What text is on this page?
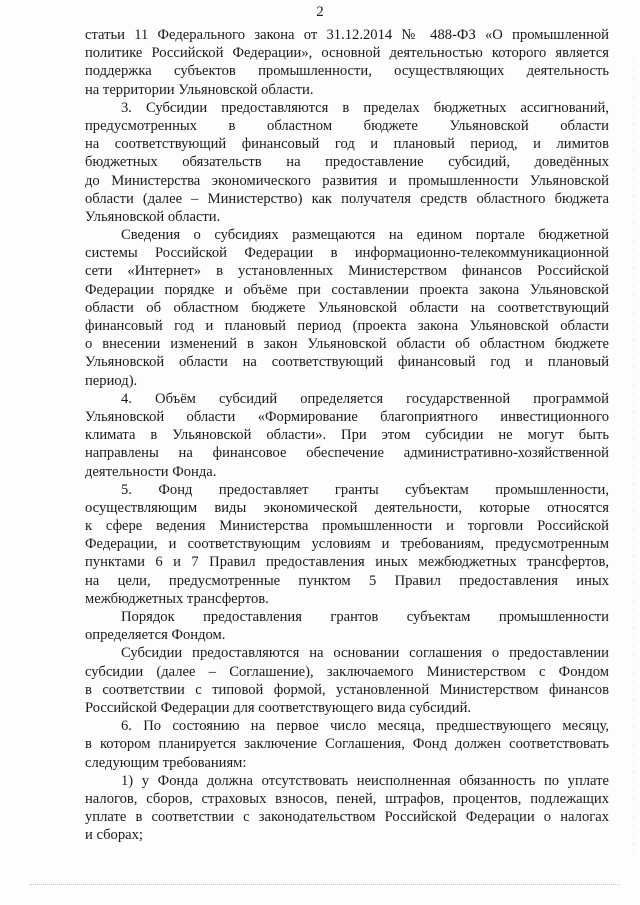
2
статьи 11 Федерального закона от 31.12.2014 № 488-ФЗ «О промышленной
политике Российской Федерации», основной деятельностью которого является
поддержка субъектов промышленности, осуществляющих деятельность
на территории Ульяновской области.
3. Субсидии предоставляются в пределах бюджетных ассигнований,
предусмотренных в областном бюджете Ульяновской области
на соответствующий финансовый год и плановый период, и лимитов
бюджетных обязательств на предоставление субсидий, доведённых
до Министерства экономического развития и промышленности Ульяновской
области (далее – Министерство) как получателя средств областного бюджета
Ульяновской области.
Сведения о субсидиях размещаются на едином портале бюджетной
системы Российской Федерации в информационно-телекоммуникационной
сети «Интернет» в установленных Министерством финансов Российской
Федерации порядке и объёме при составлении проекта закона Ульяновской
области об областном бюджете Ульяновской области на соответствующий
финансовый год и плановый период (проекта закона Ульяновской области
о внесении изменений в закон Ульяновской области об областном бюджете
Ульяновской области на соответствующий финансовый год и плановый
период).
4. Объём субсидий определяется государственной программой
Ульяновской области «Формирование благоприятного инвестиционного
климата в Ульяновской области». При этом субсидии не могут быть
направлены на финансовое обеспечение административно-хозяйственной
деятельности Фонда.
5. Фонд предоставляет гранты субъектам промышленности,
осуществляющим виды экономической деятельности, которые относятся
к сфере ведения Министерства промышленности и торговли Российской
Федерации, и соответствующим условиям и требованиям, предусмотренным
пунктами 6 и 7 Правил предоставления иных межбюджетных трансфертов,
на цели, предусмотренные пунктом 5 Правил предоставления иных
межбюджетных трансфертов.
Порядок предоставления грантов субъектам промышленности
определяется Фондом.
Субсидии предоставляются на основании соглашения о предоставлении
субсидии (далее – Соглашение), заключаемого Министерством с Фондом
в соответствии с типовой формой, установленной Министерством финансов
Российской Федерации для соответствующего вида субсидий.
6. По состоянию на первое число месяца, предшествующего месяцу,
в котором планируется заключение Соглашения, Фонд должен соответствовать
следующим требованиям:
1) у Фонда должна отсутствовать неисполненная обязанность по уплате
налогов, сборов, страховых взносов, пеней, штрафов, процентов, подлежащих
уплате в соответствии с законодательством Российской Федерации о налогах
и сборах;
